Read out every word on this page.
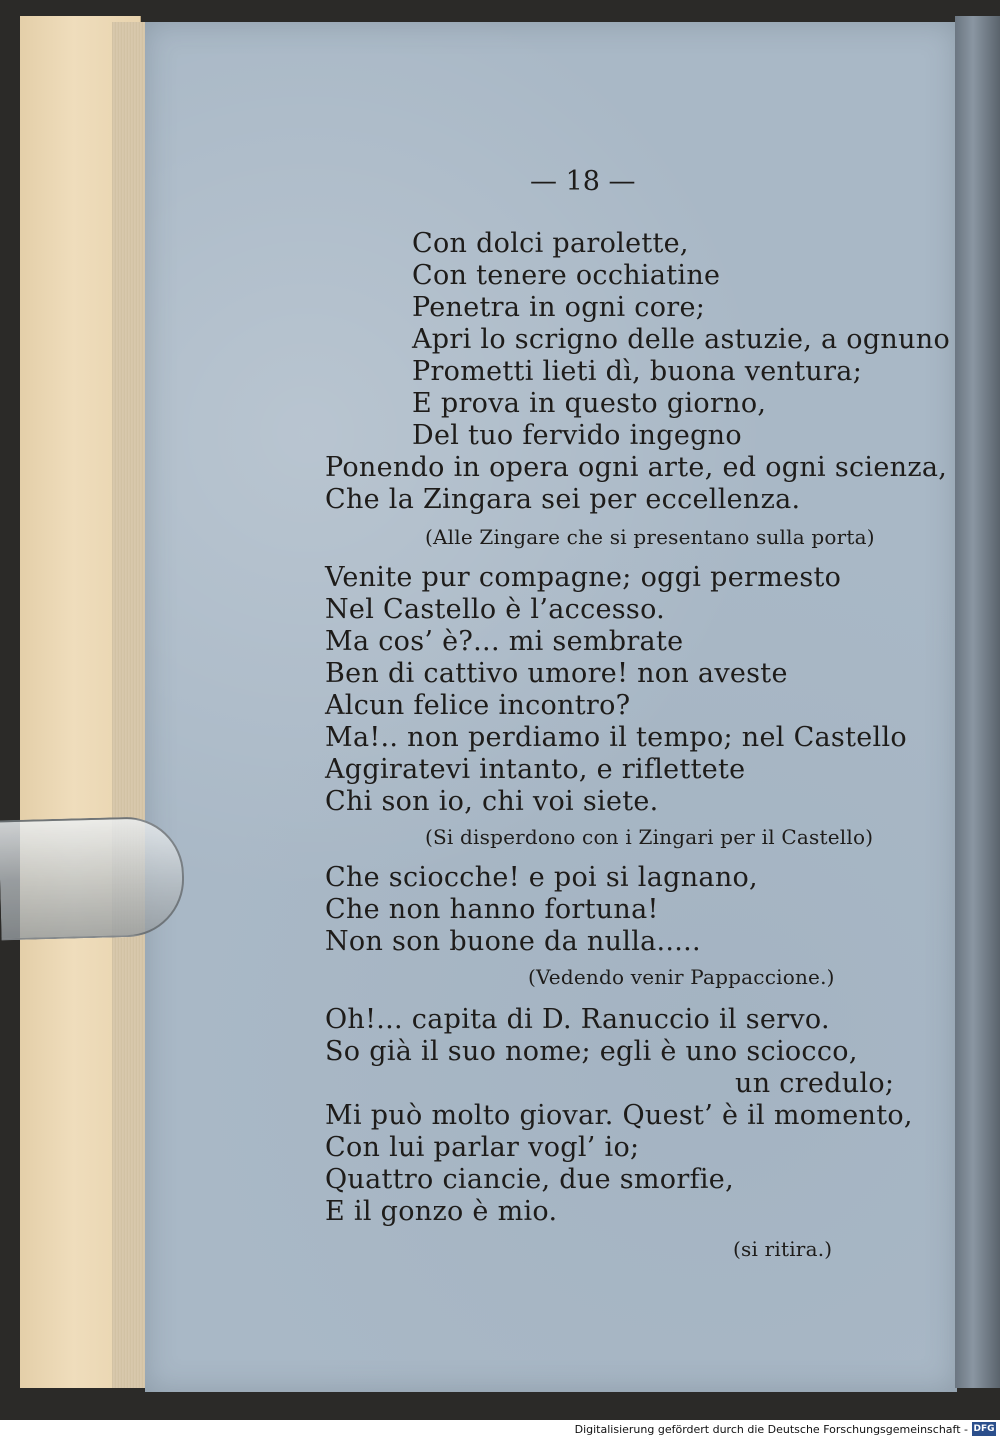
— 18 —
Con dolci parolette,
Con tenere occhiatine
Penetra in ogni core;
Apri lo scrigno delle astuzie, a ognuno
Prometti lieti dì, buona ventura;
E prova in questo giorno,
Del tuo fervido ingegno
Ponendo in opera ogni arte, ed ogni scienza,
Che la Zingara sei per eccellenza.
(Alle Zingare che si presentano sulla porta)
Venite pur compagne; oggi permesto
Nel Castello è l’accesso.
Ma cos’ è?... mi sembrate
Ben di cattivo umore! non aveste
Alcun felice incontro?
Ma!.. non perdiamo il tempo; nel Castello
Aggiratevi intanto, e riflettete
Chi son io, chi voi siete.
(Si disperdono con i Zingari per il Castello)
Che sciocche! e poi si lagnano,
Che non hanno fortuna!
Non son buone da nulla.....
(Vedendo venir Pappaccione.)
Oh!... capita di D. Ranuccio il servo.
So già il suo nome; egli è uno sciocco,
un credulo;
Mi può molto giovar. Quest’ è il momento,
Con lui parlar vogl’ io;
Quattro ciancie, due smorfie,
E il gonzo è mio.
(si ritira.)
Digitalisierung gefördert durch die Deutsche Forschungsgemeinschaft - DFG
